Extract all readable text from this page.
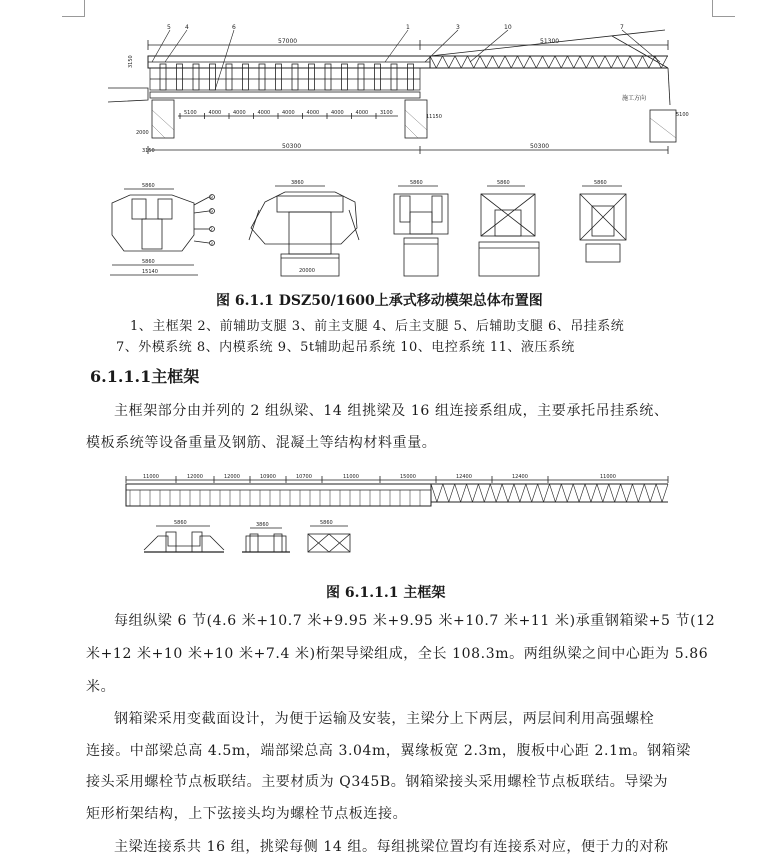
57000	51300
5 4	6	1	3	10	7
5100 4000 4000 4000 4000 4000 4000 4000 3100
施工方向
5100
11150
3150
2000
3150
50300	50300
5860
5860
15140
8
9
2
3
3860
20000
5860	5860	5860
图 6.1.1 DSZ50/1600上承式移动模架总体布置图
1、主框架 2、前辅助支腿 3、前主支腿 4、后主支腿 5、后辅助支腿 6、吊挂系统
7、外模系统 8、内模系统 9、5t辅助起吊系统 10、电控系统 11、液压系统
6.1.1.1主框架
主框架部分由并列的 2 组纵梁、14 组挑梁及 16 组连接系组成，主要承托吊挂系统、
模板系统等设备重量及钢筋、混凝土等结构材料重量。
11000	12000	12000	10900	10700	11000	15000	12400	12400	11000
5860	3860	5860
图 6.1.1.1 主框架
每组纵梁 6 节(4.6 米+10.7 米+9.95 米+9.95 米+10.7 米+11 米)承重钢箱梁+5 节(12
米+12 米+10 米+10 米+7.4 米)桁架导梁组成，全长 108.3m。两组纵梁之间中心距为 5.86
米。
钢箱梁采用变截面设计，为便于运输及安装，主梁分上下两层，两层间利用高强螺栓
连接。中部梁总高 4.5m，端部梁总高 3.04m，翼缘板宽 2.3m，腹板中心距 2.1m。钢箱梁
接头采用螺栓节点板联结。主要材质为 Q345B。钢箱梁接头采用螺栓节点板联结。导梁为
矩形桁架结构，上下弦接头均为螺栓节点板连接。
主梁连接系共 16 组，挑梁每侧 14 组。每组挑梁位置均有连接系对应，便于力的对称
